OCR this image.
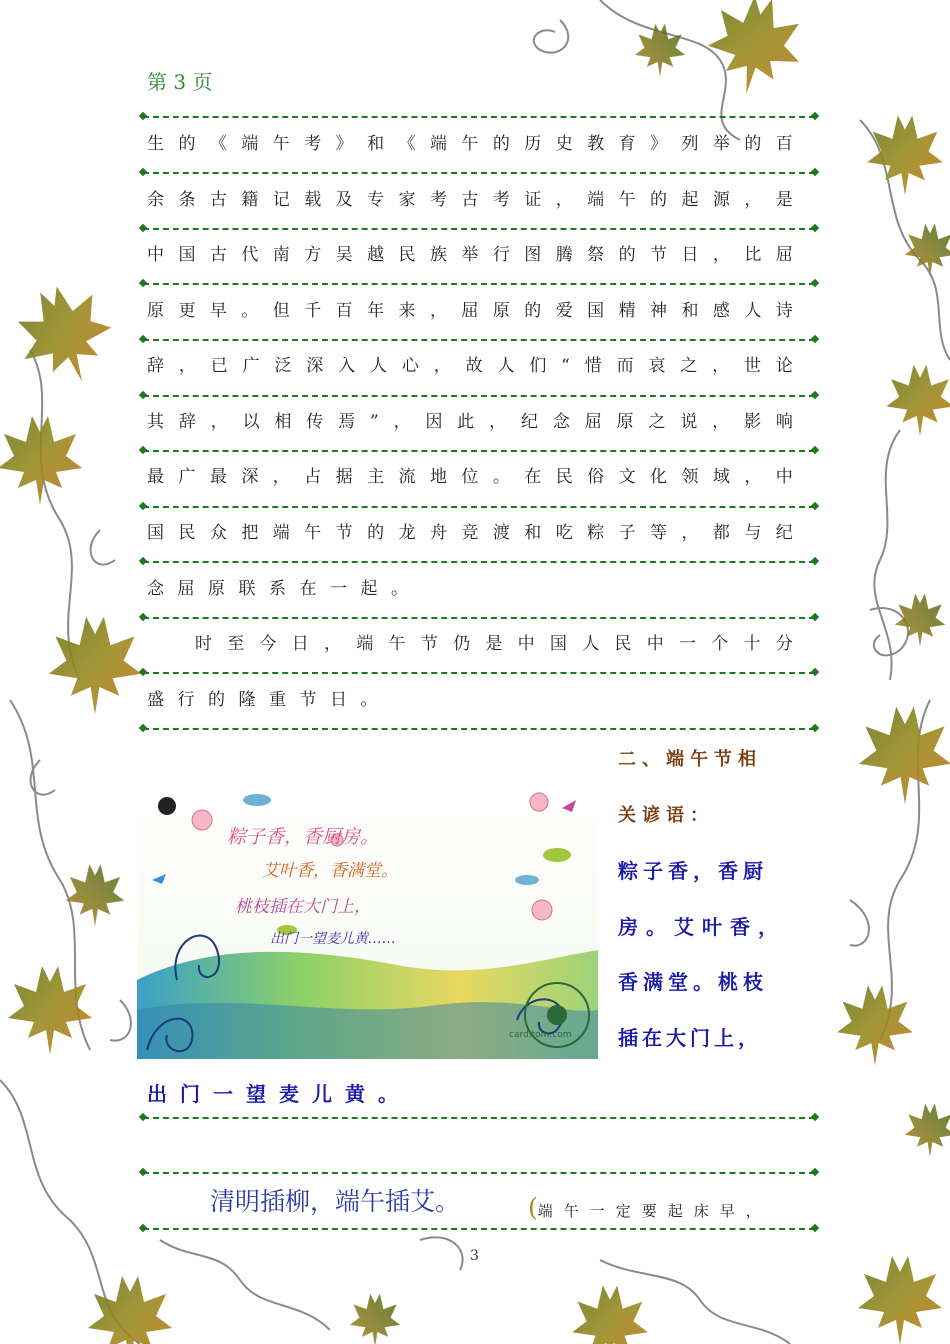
第 3 页
生 的 《 端 午 考 》 和 《 端 午 的 历 史 教 育 》 列 举 的 百
余 条 古 籍 记 载 及 专 家 考 古 考 证 ， 端 午 的 起 源 ， 是
中 国 古 代 南 方 吴 越 民 族 举 行 图 腾 祭 的 节 日 ， 比 屈
原 更 早 。 但 千 百 年 来 ， 屈 原 的 爱 国 精 神 和 感 人 诗
辞 ， 已 广 泛 深 入 人 心 ， 故 人 们 “ 惜 而 哀 之 ， 世 论
其 辞 ， 以 相 传 焉 ” ， 因 此 ， 纪 念 屈 原 之 说 ， 影 响
最 广 最 深 ， 占 据 主 流 地 位 。 在 民 俗 文 化 领 域 ， 中
国 民 众 把 端 午 节 的 龙 舟 竞 渡 和 吃 粽 子 等 ， 都 与 纪
念 屈 原 联 系 在 一 起 。
时 至 今 日 ， 端 午 节 仍 是 中 国 人 民 中 一 个 十 分
盛 行 的 隆 重 节 日 。
二、端午节相
关谚语：
粽子香，香厨
房。艾叶香，
香满堂。桃枝
插在大门上，
出门一望麦儿黄。
粽子香，香厨房。
艾叶香，香满堂。
桃枝插在大门上，
出门一望麦儿黄……
card.tom.com
清明插柳，端午插艾。	(端午一定要起床早，
3
